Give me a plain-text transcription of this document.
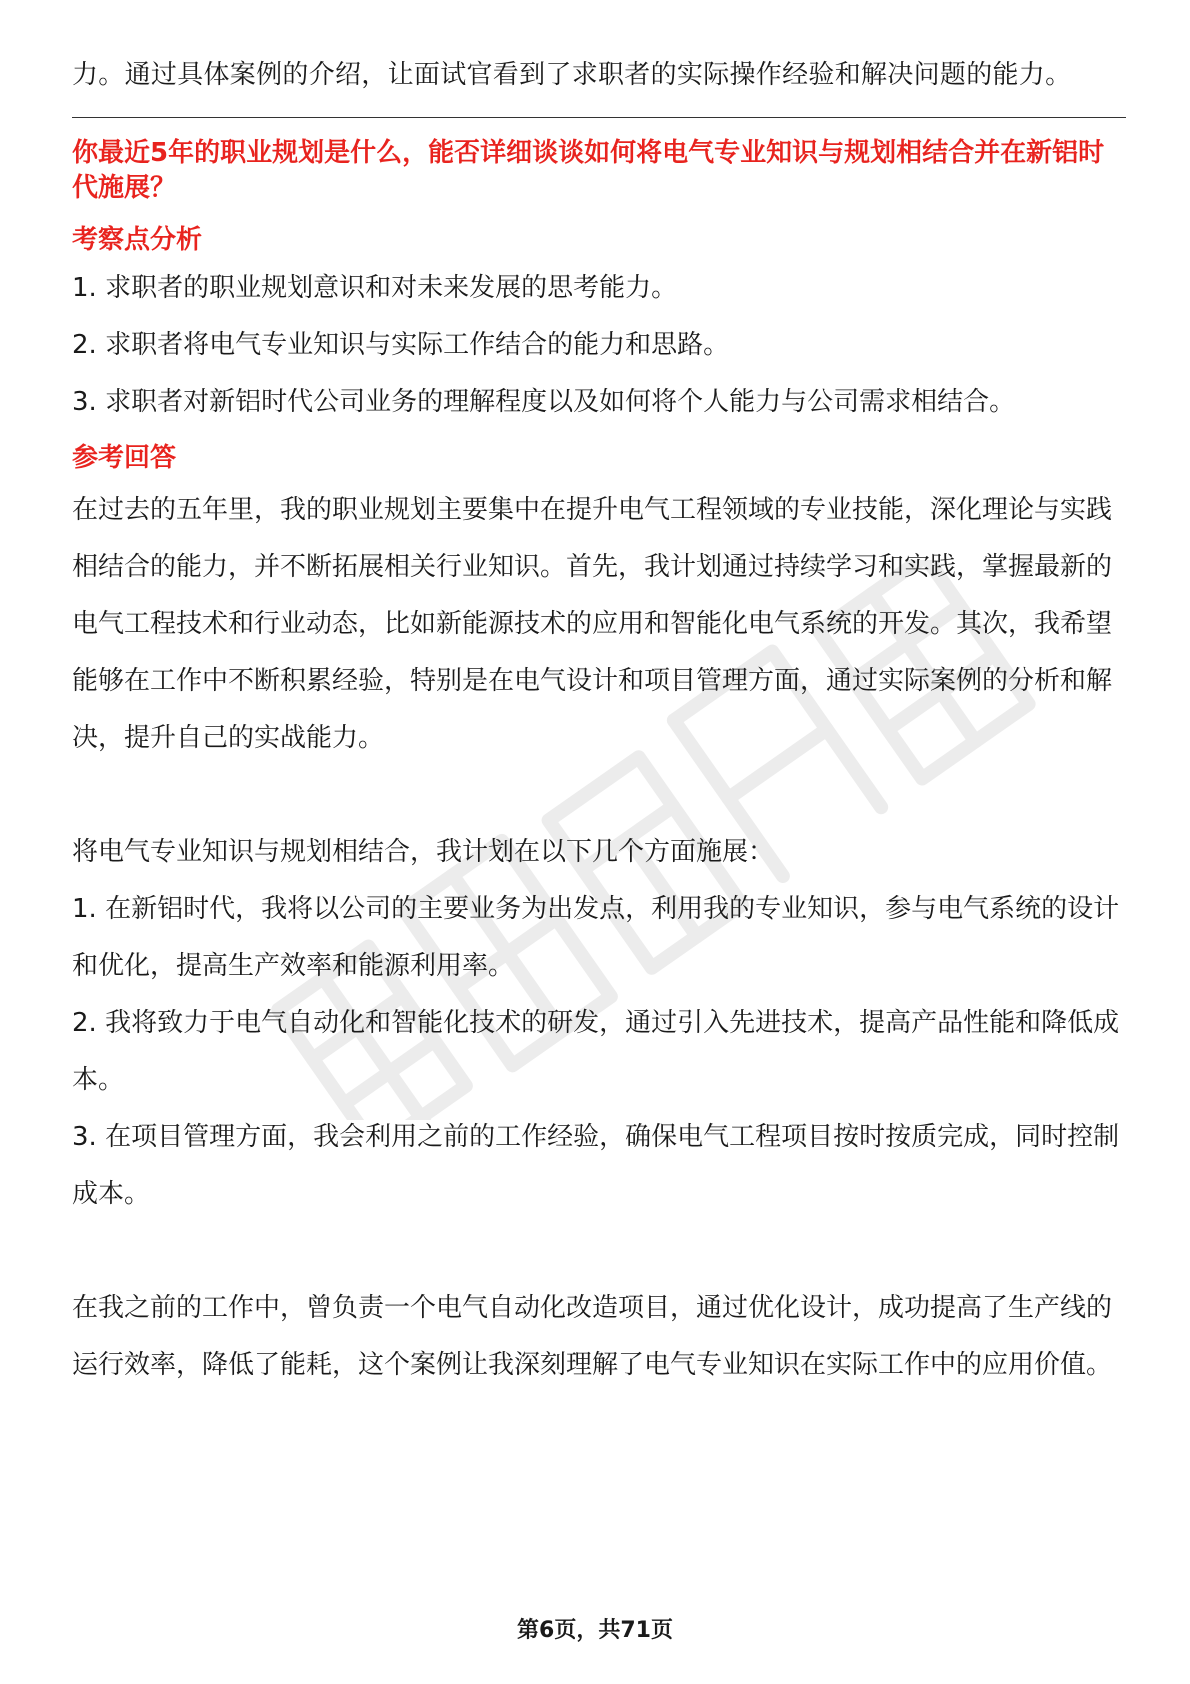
力。通过具体案例的介绍，让面试官看到了求职者的实际操作经验和解决问题的能力。

你最近5年的职业规划是什么，能否详细谈谈如何将电气专业知识与规划相结合并在新铝时代施展？

考察点分析

1. 求职者的职业规划意识和对未来发展的思考能力。

2. 求职者将电气专业知识与实际工作结合的能力和思路。

3. 求职者对新铝时代公司业务的理解程度以及如何将个人能力与公司需求相结合。

参考回答

在过去的五年里，我的职业规划主要集中在提升电气工程领域的专业技能，深化理论与实践相结合的能力，并不断拓展相关行业知识。首先，我计划通过持续学习和实践，掌握最新的电气工程技术和行业动态，比如新能源技术的应用和智能化电气系统的开发。其次，我希望能够在工作中不断积累经验，特别是在电气设计和项目管理方面，通过实际案例的分析和解决，提升自己的实战能力。

将电气专业知识与规划相结合，我计划在以下几个方面施展：

1. 在新铝时代，我将以公司的主要业务为出发点，利用我的专业知识，参与电气系统的设计和优化，提高生产效率和能源利用率。

2. 我将致力于电气自动化和智能化技术的研发，通过引入先进技术，提高产品性能和降低成本。

3. 在项目管理方面，我会利用之前的工作经验，确保电气工程项目按时按质完成，同时控制成本。

在我之前的工作中，曾负责一个电气自动化改造项目，通过优化设计，成功提高了生产线的运行效率，降低了能耗，这个案例让我深刻理解了电气专业知识在实际工作中的应用价值。

第6页，共71页
